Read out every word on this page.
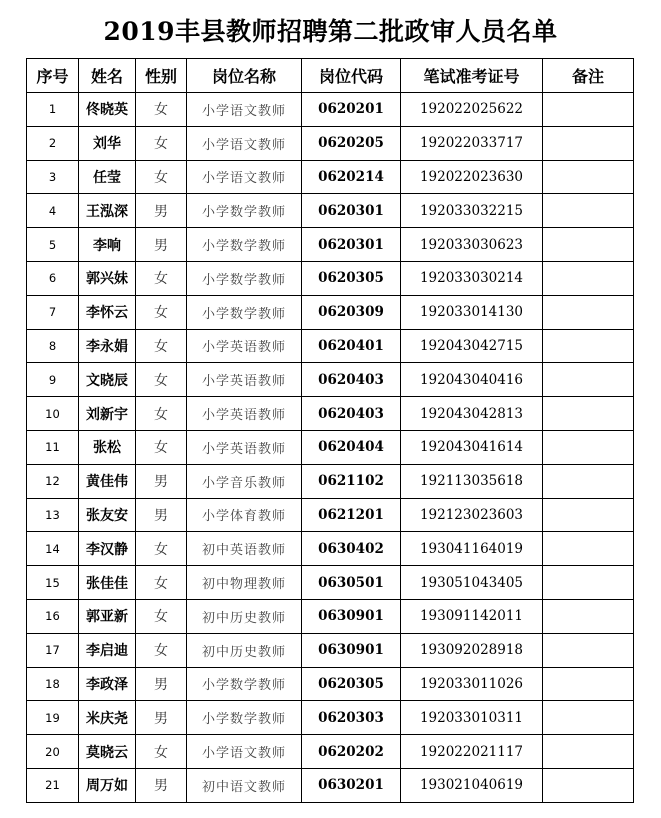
2019丰县教师招聘第二批政审人员名单
序号	姓名	性别	岗位名称	岗位代码	笔试准考证号	备注
1	佟晓英	女	小学语文教师	0620201	192022025622	
2	刘华	女	小学语文教师	0620205	192022033717	
3	任莹	女	小学语文教师	0620214	192022023630	
4	王泓深	男	小学数学教师	0620301	192033032215	
5	李响	男	小学数学教师	0620301	192033030623	
6	郭兴妹	女	小学数学教师	0620305	192033030214	
7	李怀云	女	小学数学教师	0620309	192033014130	
8	李永娟	女	小学英语教师	0620401	192043042715	
9	文晓辰	女	小学英语教师	0620403	192043040416	
10	刘新宇	女	小学英语教师	0620403	192043042813	
11	张松	女	小学英语教师	0620404	192043041614	
12	黄佳伟	男	小学音乐教师	0621102	192113035618	
13	张友安	男	小学体育教师	0621201	192123023603	
14	李汉静	女	初中英语教师	0630402	193041164019	
15	张佳佳	女	初中物理教师	0630501	193051043405	
16	郭亚新	女	初中历史教师	0630901	193091142011	
17	李启迪	女	初中历史教师	0630901	193092028918	
18	李政泽	男	小学数学教师	0620305	192033011026	
19	米庆尧	男	小学数学教师	0620303	192033010311	
20	莫晓云	女	小学语文教师	0620202	192022021117	
21	周万如	男	初中语文教师	0630201	193021040619	
